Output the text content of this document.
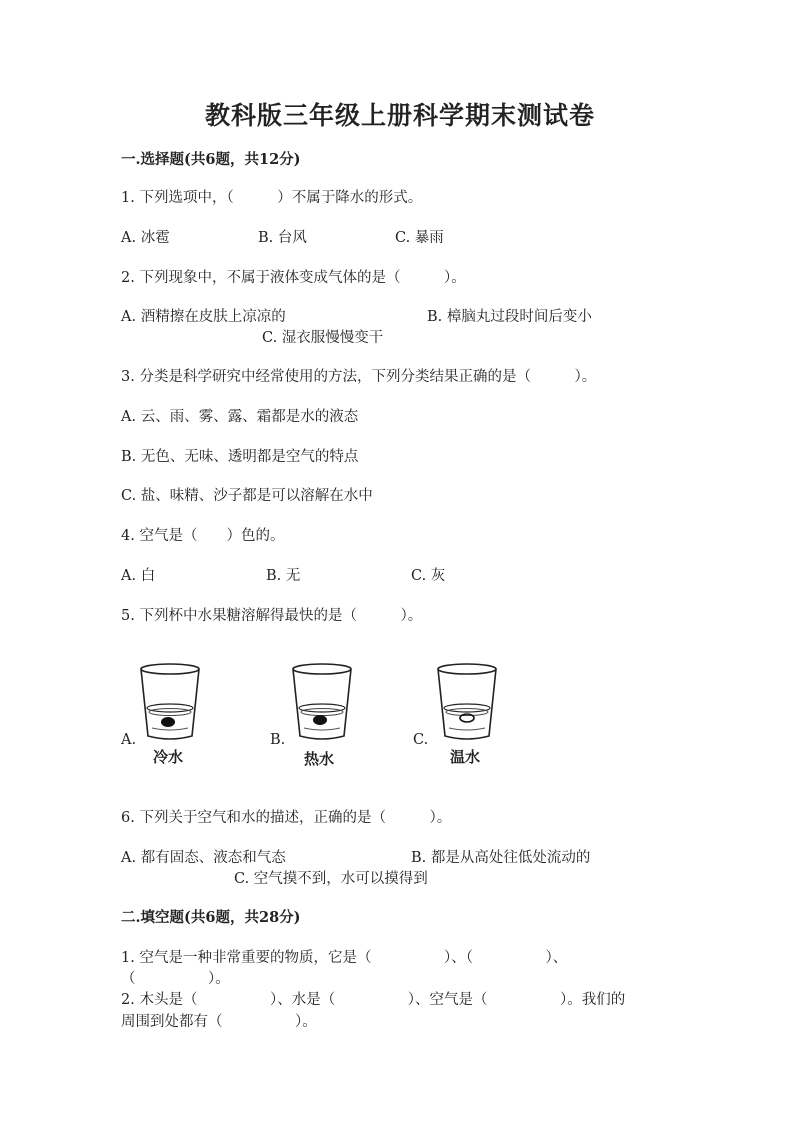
教科版三年级上册科学期末测试卷
一.选择题(共6题，共12分)
1. 下列选项中，（　　　）不属于降水的形式。
A. 冰雹	B. 台风	C. 暴雨
2. 下列现象中，不属于液体变成气体的是（　　　）。
A. 酒精擦在皮肤上凉凉的	B. 樟脑丸过段时间后变小
C. 湿衣服慢慢变干
3. 分类是科学研究中经常使用的方法，下列分类结果正确的是（　　　）。
A. 云、雨、雾、露、霜都是水的液态
B. 无色、无味、透明都是空气的特点
C. 盐、味精、沙子都是可以溶解在水中
4. 空气是（　　）色的。
A. 白	B. 无	C. 灰
5. 下列杯中水果糖溶解得最快的是（　　　）。
A.	B.	C.
冷水	热水	温水
6. 下列关于空气和水的描述，正确的是（　　　）。
A. 都有固态、液态和气态	B. 都是从高处往低处流动的
C. 空气摸不到，水可以摸得到
二.填空题(共6题，共28分)
1. 空气是一种非常重要的物质，它是（　　　　　）、（　　　　　）、
（　　　　　）。
2. 木头是（　　　　　）、水是（　　　　　）、空气是（　　　　　）。我们的
周围到处都有（　　　　　）。
